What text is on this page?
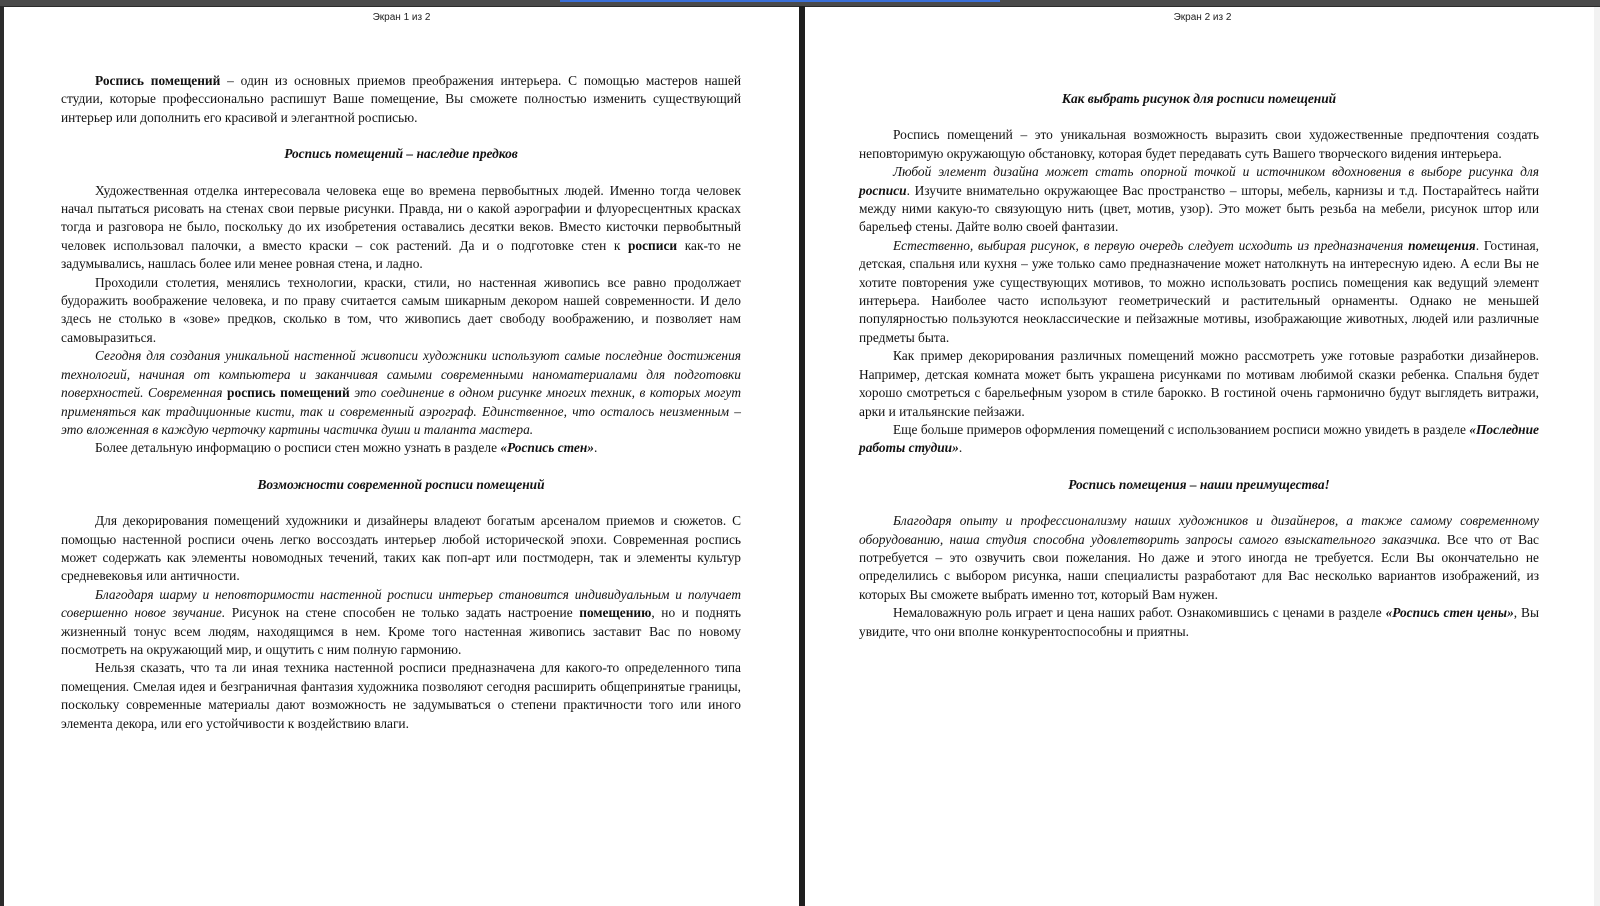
Экран 1 из 2

Роспись помещений – один из основных приемов преображения интерьера. С помощью мастеров нашей студии, которые профессионально распишут Ваше помещение, Вы сможете полностью изменить существующий интерьер или дополнить его красивой и элегантной росписью.

Роспись помещений – наследие предков

Художественная отделка интересовала человека еще во времена первобытных людей. Именно тогда человек начал пытаться рисовать на стенах свои первые рисунки. Правда, ни о какой аэрографии и флуоресцентных красках тогда и разговора не было, поскольку до их изобретения оставались десятки веков. Вместо кисточки первобытный человек использовал палочки, а вместо краски – сок растений. Да и о подготовке стен к росписи как-то не задумывались, нашлась более или менее ровная стена, и ладно.

Проходили столетия, менялись технологии, краски, стили, но настенная живопись все равно продолжает будоражить воображение человека, и по праву считается самым шикарным декором нашей современности. И дело здесь не столько в «зове» предков, сколько в том, что живопись дает свободу воображению, и позволяет нам самовыразиться.

Сегодня для создания уникальной настенной живописи художники используют самые последние достижения технологий, начиная от компьютера и заканчивая самыми современными наноматериалами для подготовки поверхностей. Современная роспись помещений это соединение в одном рисунке многих техник, в которых могут применяться как традиционные кисти, так и современный аэрограф. Единственное, что осталось неизменным – это вложенная в каждую черточку картины частичка души и таланта мастера.

Более детальную информацию о росписи стен можно узнать в разделе «Роспись стен».

Возможности современной росписи помещений

Для декорирования помещений художники и дизайнеры владеют богатым арсеналом приемов и сюжетов. С помощью настенной росписи очень легко воссоздать интерьер любой исторической эпохи. Современная роспись может содержать как элементы новомодных течений, таких как поп-арт или постмодерн, так и элементы культур средневековья или античности.

Благодаря шарму и неповторимости настенной росписи интерьер становится индивидуальным и получает совершенно новое звучание. Рисунок на стене способен не только задать настроение помещению, но и поднять жизненный тонус всем людям, находящимся в нем. Кроме того настенная живопись заставит Вас по новому посмотреть на окружающий мир, и ощутить с ним полную гармонию.

Нельзя сказать, что та ли иная техника настенной росписи предназначена для какого-то определенного типа помещения. Смелая идея и безграничная фантазия художника позволяют сегодня расширить общепринятые границы, поскольку современные материалы дают возможность не задумываться о степени практичности того или иного элемента декора, или его устойчивости к воздействию влаги.

Экран 2 из 2
Как выбрать рисунок для росписи помещений

Роспись помещений – это уникальная возможность выразить свои художественные предпочтения создать неповторимую окружающую обстановку, которая будет передавать суть Вашего творческого видения интерьера.

Любой элемент дизайна может стать опорной точкой и источником вдохновения в выборе рисунка для росписи. Изучите внимательно окружающее Вас пространство – шторы, мебель, карнизы и т.д. Постарайтесь найти между ними какую-то связующую нить (цвет, мотив, узор). Это может быть резьба на мебели, рисунок штор или барельеф стены. Дайте волю своей фантазии.

Естественно, выбирая рисунок, в первую очередь следует исходить из предназначения помещения. Гостиная, детская, спальня или кухня – уже только само предназначение может натолкнуть на интересную идею. А если Вы не хотите повторения уже существующих мотивов, то можно использовать роспись помещения как ведущий элемент интерьера. Наиболее часто используют геометрический и растительный орнаменты. Однако не меньшей популярностью пользуются неоклассические и пейзажные мотивы, изображающие животных, людей или различные предметы быта.

Как пример декорирования различных помещений можно рассмотреть уже готовые разработки дизайнеров. Например, детская комната может быть украшена рисунками по мотивам любимой сказки ребенка. Спальня будет хорошо смотреться с барельефным узором в стиле барокко. В гостиной очень гармонично будут выглядеть витражи, арки и итальянские пейзажи.

Еще больше примеров оформления помещений с использованием росписи можно увидеть в разделе «Последние работы студии».

Роспись помещения – наши преимущества!

Благодаря опыту и профессионализму наших художников и дизайнеров, а также самому современному оборудованию, наша студия способна удовлетворить запросы самого взыскательного заказчика. Все что от Вас потребуется – это озвучить свои пожелания. Но даже и этого иногда не требуется. Если Вы окончательно не определились с выбором рисунка, наши специалисты разработают для Вас несколько вариантов изображений, из которых Вы сможете выбрать именно тот, который Вам нужен.

Немаловажную роль играет и цена наших работ. Ознакомившись с ценами в разделе «Роспись стен цены», Вы увидите, что они вполне конкурентоспособны и приятны.
